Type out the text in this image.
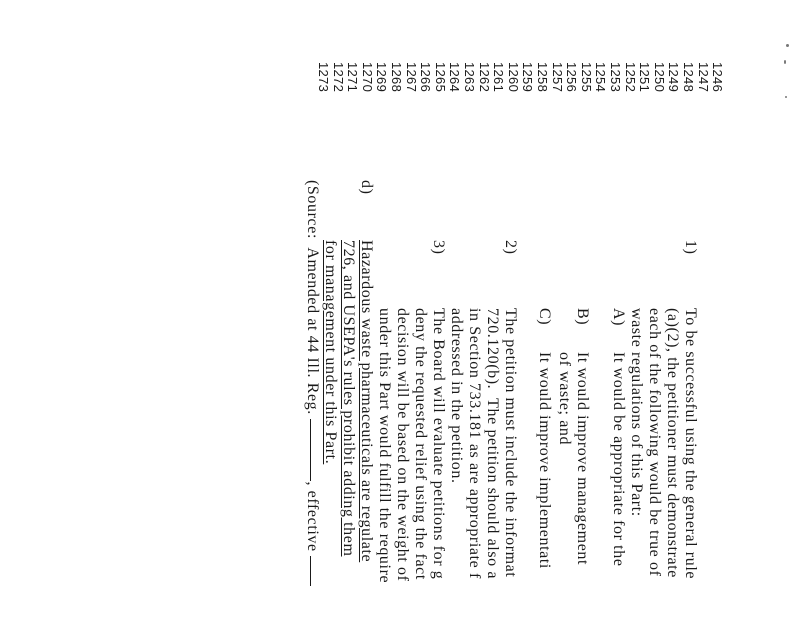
1246
1247
1248
1249
1250
1251
1252
1253
1254
1255
1256
1257
1258
1259
1260
1261
1262
1263
1264
1265
1266
1267
1268
1269
1270
1271
1272
1273
1)
To be successful using the general rule
(a)(2), the petitioner must demonstrate
each of the following would be true of
waste regulations of this Part:
A)
It would be appropriate for the
B)
It would improve management
of waste; and
C)
It would improve implementati
2)
The petition must include the informat
720.120(b).  The petition should also a
in Section 733.181 as are appropriate f
addressed in the petition.
3)
The Board will evaluate petitions for g
deny the requested relief using the fact
decision will be based on the weight of
under this Part would fulfill the require
d)
Hazardous waste pharmaceuticals are regulate
726, and USEPA's rules prohibit adding them
for management under this Part.
(Source:  Amended at 44 Ill. Reg. , effective
